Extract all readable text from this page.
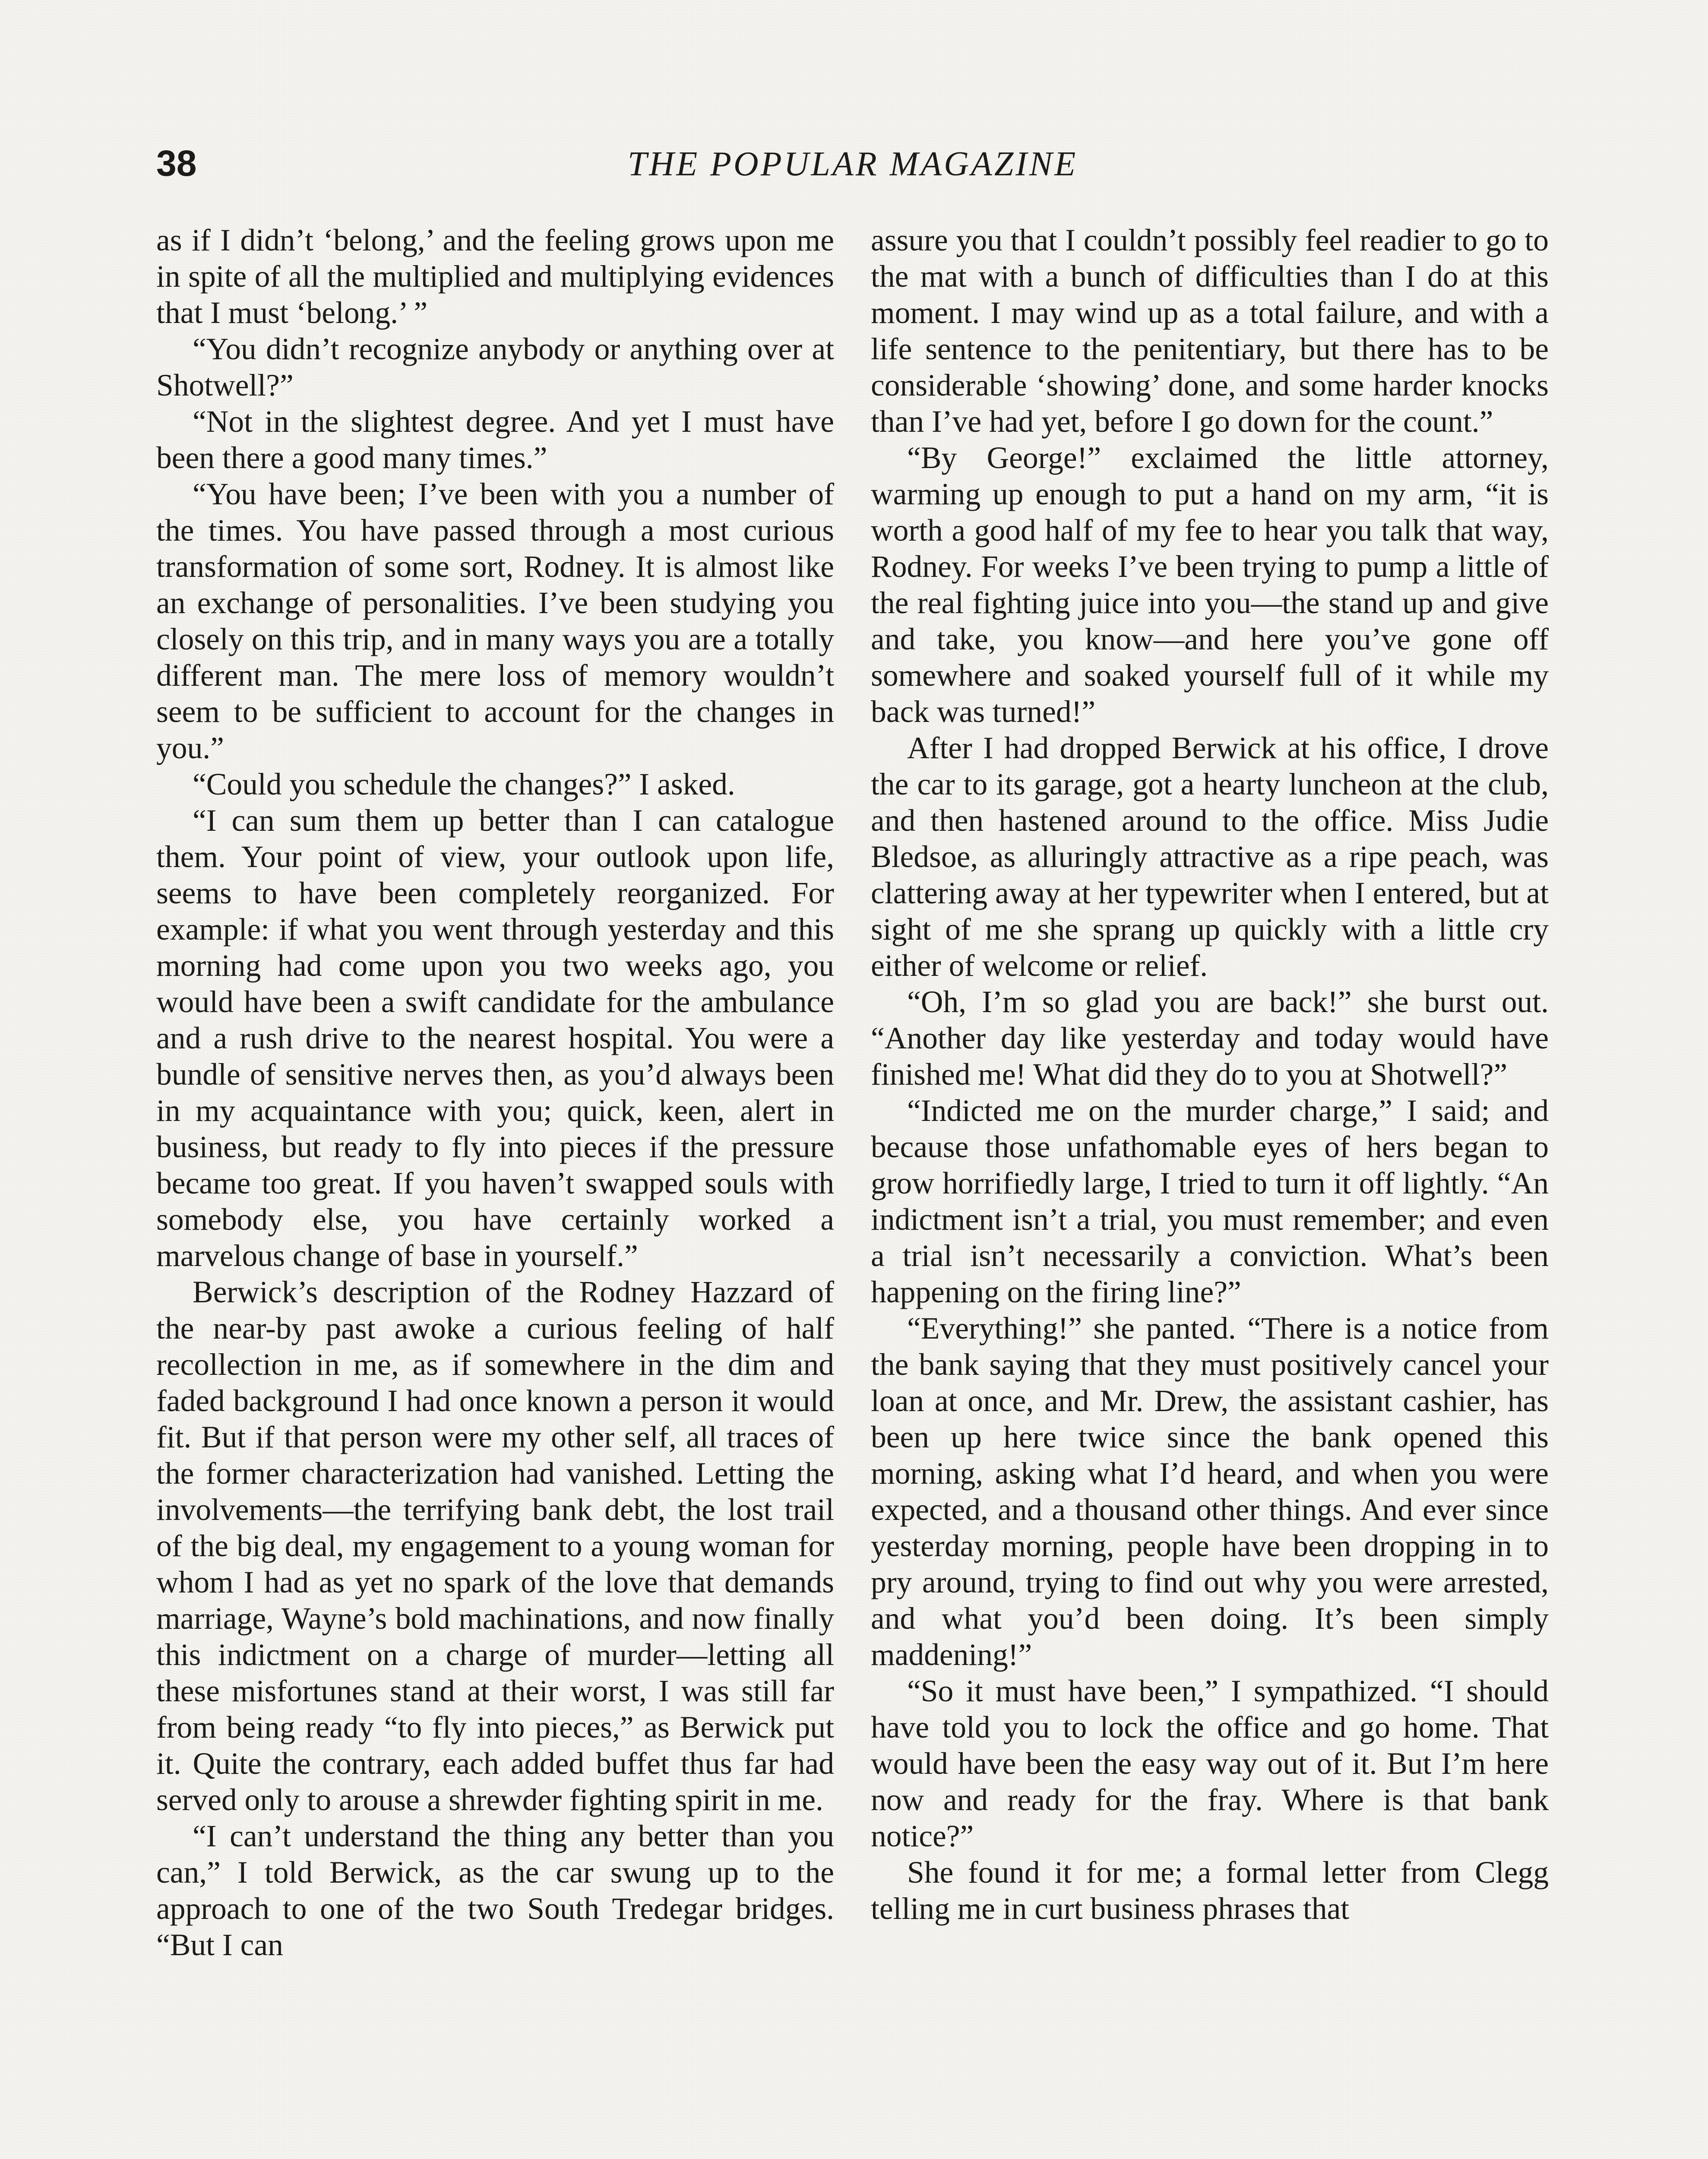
38	THE POPULAR MAGAZINE

as if I didn’t ‘belong,’ and the feeling grows upon me in spite of all the multiplied and multiplying evidences that I must ‘belong.’ ”

“You didn’t recognize anybody or anything over at Shotwell?”

“Not in the slightest degree. And yet I must have been there a good many times.”

“You have been; I’ve been with you a number of the times. You have passed through a most curious transformation of some sort, Rodney. It is almost like an exchange of personalities. I’ve been studying you closely on this trip, and in many ways you are a totally different man. The mere loss of memory wouldn’t seem to be sufficient to account for the changes in you.”

“Could you schedule the changes?” I asked.

“I can sum them up better than I can catalogue them. Your point of view, your outlook upon life, seems to have been completely reorganized. For example: if what you went through yesterday and this morning had come upon you two weeks ago, you would have been a swift candidate for the ambulance and a rush drive to the nearest hospital. You were a bundle of sensitive nerves then, as you’d always been in my acquaintance with you; quick, keen, alert in business, but ready to fly into pieces if the pressure became too great. If you haven’t swapped souls with somebody else, you have certainly worked a marvelous change of base in yourself.”

Berwick’s description of the Rodney Hazzard of the near-by past awoke a curious feeling of half recollection in me, as if somewhere in the dim and faded background I had once known a person it would fit. But if that person were my other self, all traces of the former characterization had vanished. Letting the involvements—the terrifying bank debt, the lost trail of the big deal, my engagement to a young woman for whom I had as yet no spark of the love that demands marriage, Wayne’s bold machinations, and now finally this indictment on a charge of murder—letting all these misfortunes stand at their worst, I was still far from being ready “to fly into pieces,” as Berwick put it. Quite the contrary, each added buffet thus far had served only to arouse a shrewder fighting spirit in me.

“I can’t understand the thing any better than you can,” I told Berwick, as the car swung up to the approach to one of the two South Tredegar bridges. “But I can

assure you that I couldn’t possibly feel readier to go to the mat with a bunch of difficulties than I do at this moment. I may wind up as a total failure, and with a life sentence to the penitentiary, but there has to be considerable ‘showing’ done, and some harder knocks than I’ve had yet, before I go down for the count.”

“By George!” exclaimed the little attorney, warming up enough to put a hand on my arm, “it is worth a good half of my fee to hear you talk that way, Rodney. For weeks I’ve been trying to pump a little of the real fighting juice into you—the stand up and give and take, you know—and here you’ve gone off somewhere and soaked yourself full of it while my back was turned!”

After I had dropped Berwick at his office, I drove the car to its garage, got a hearty luncheon at the club, and then hastened around to the office. Miss Judie Bledsoe, as alluringly attractive as a ripe peach, was clattering away at her typewriter when I entered, but at sight of me she sprang up quickly with a little cry either of welcome or relief.

“Oh, I’m so glad you are back!” she burst out. “Another day like yesterday and today would have finished me! What did they do to you at Shotwell?”

“Indicted me on the murder charge,” I said; and because those unfathomable eyes of hers began to grow horrifiedly large, I tried to turn it off lightly. “An indictment isn’t a trial, you must remember; and even a trial isn’t necessarily a conviction. What’s been happening on the firing line?”

“Everything!” she panted. “There is a notice from the bank saying that they must positively cancel your loan at once, and Mr. Drew, the assistant cashier, has been up here twice since the bank opened this morning, asking what I’d heard, and when you were expected, and a thousand other things. And ever since yesterday morning, people have been dropping in to pry around, trying to find out why you were arrested, and what you’d been doing. It’s been simply maddening!”

“So it must have been,” I sympathized. “I should have told you to lock the office and go home. That would have been the easy way out of it. But I’m here now and ready for the fray. Where is that bank notice?”

She found it for me; a formal letter from Clegg telling me in curt business phrases that
